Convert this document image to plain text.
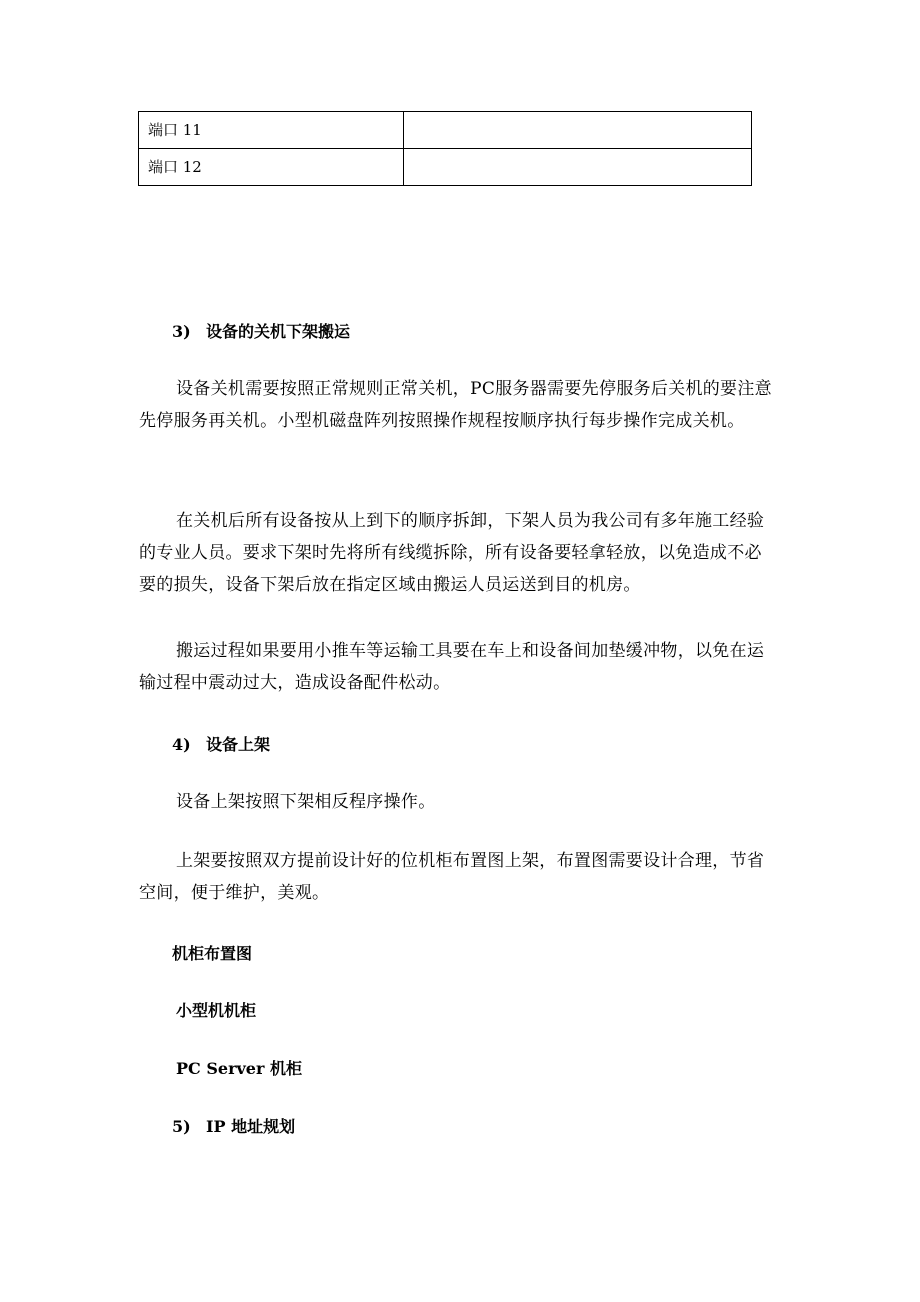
端口 11	
端口 12	
3) 设备的关机下架搬运

设备关机需要按照正常规则正常关机，PC服务器需要先停服务后关机的要注意先停服务再关机。小型机磁盘阵列按照操作规程按顺序执行每步操作完成关机。

在关机后所有设备按从上到下的顺序拆卸，下架人员为我公司有多年施工经验的专业人员。要求下架时先将所有线缆拆除，所有设备要轻拿轻放，以免造成不必要的损失，设备下架后放在指定区域由搬运人员运送到目的机房。

搬运过程如果要用小推车等运输工具要在车上和设备间加垫缓冲物，以免在运输过程中震动过大，造成设备配件松动。

4) 设备上架

设备上架按照下架相反程序操作。

上架要按照双方提前设计好的位机柜布置图上架，布置图需要设计合理，节省空间，便于维护，美观。

机柜布置图

小型机机柜

PC Server 机柜

5) IP 地址规划
